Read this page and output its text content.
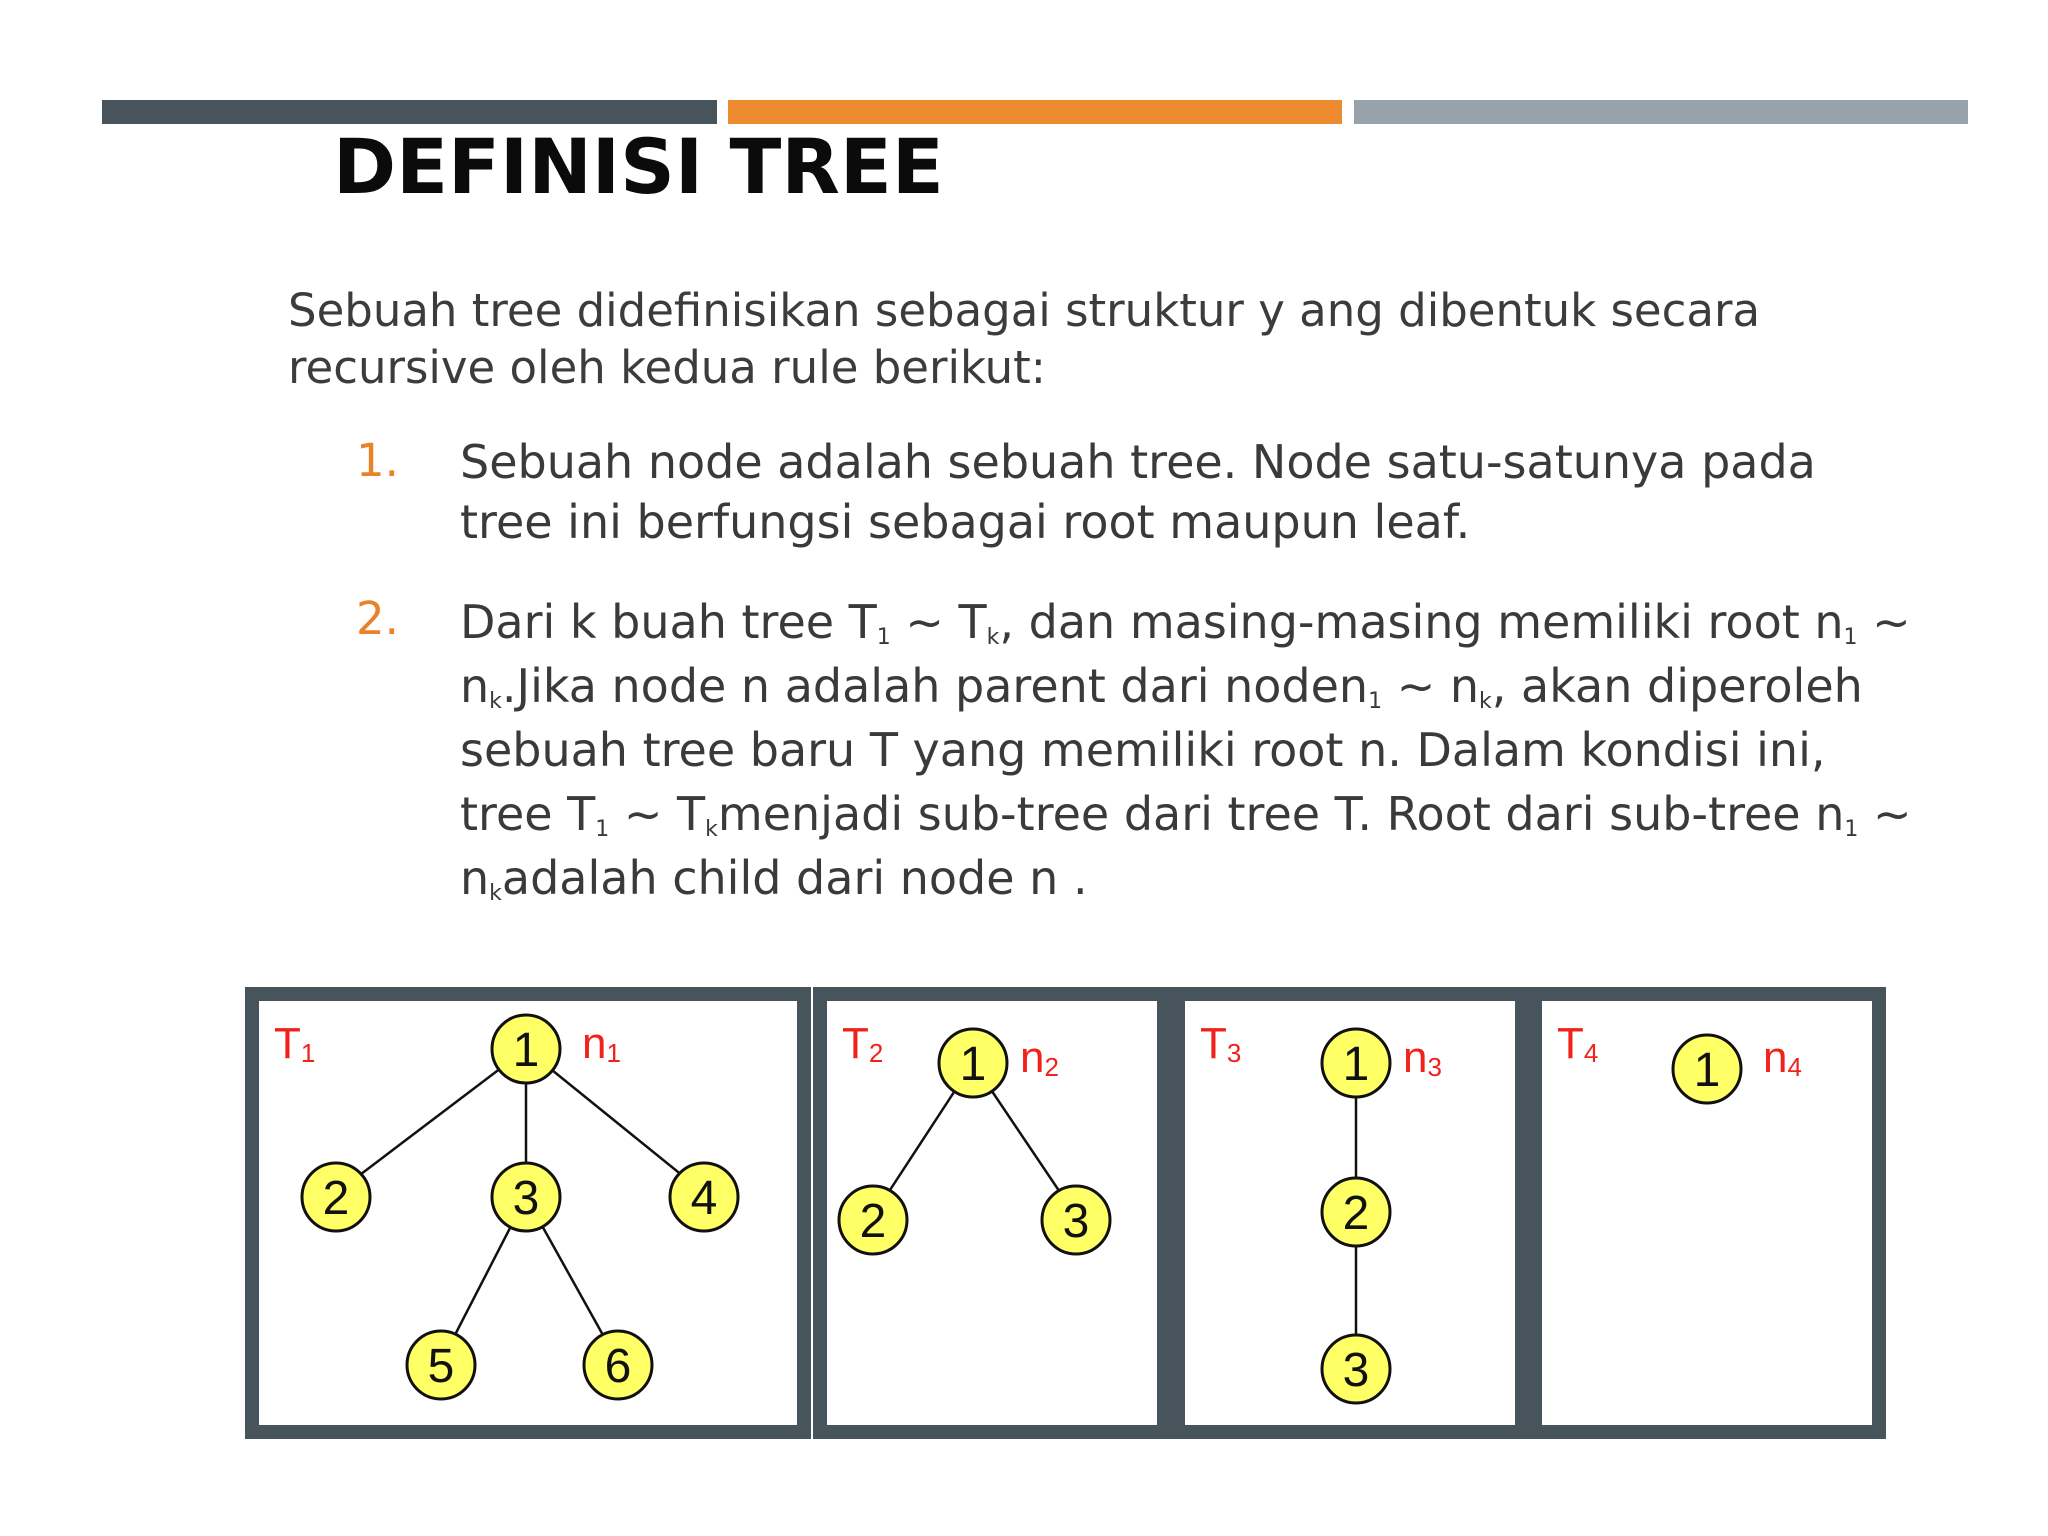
DEFINISI TREE

Sebuah tree didefinisikan sebagai struktur y ang dibentuk secara recursive oleh kedua rule berikut:

1. Sebuah node adalah sebuah tree. Node satu-satunya pada tree ini berfungsi sebagai root maupun leaf.
2. Dari k buah tree $T_1$ ~ $T_k$, dan masing-masing memiliki root $n_1$ ~ $n_k.Jika$ node n adalah parent dari noden$_1$ ~ $n_k$, akan diperoleh sebuah tree baru T yang memiliki root n. Dalam kondisi ini, tree $T_1$ ~ $T_kmenjadi$ sub-tree dari tree T. Root dari sub-tree $n_1$ ~ $n_kadalah$ child dari node n .
T1	n1
1
2	3	4
5	6
T2	n2
1
2	3
T3	n3
1
2
3
T4	n4
1
